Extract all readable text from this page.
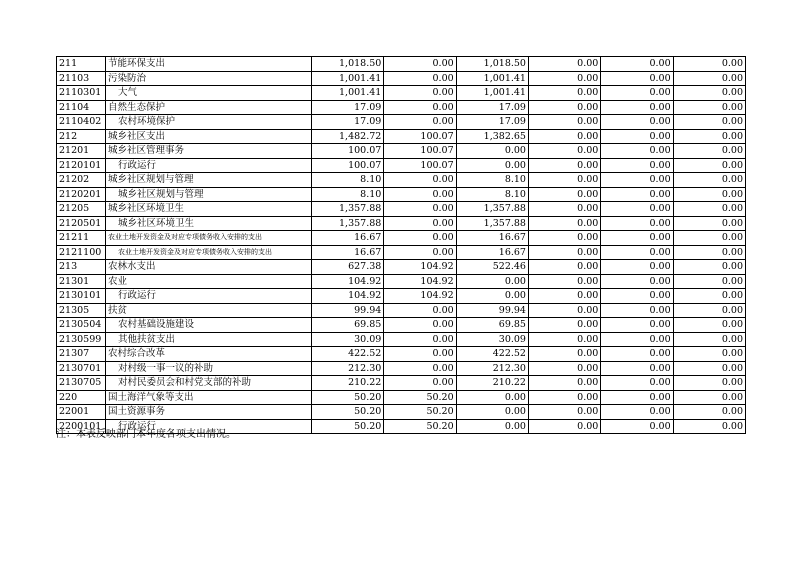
211	节能环保支出	1,018.50	0.00	1,018.50	0.00	0.00	0.00
21103	污染防治	1,001.41	0.00	1,001.41	0.00	0.00	0.00
2110301	大气	1,001.41	0.00	1,001.41	0.00	0.00	0.00
21104	自然生态保护	17.09	0.00	17.09	0.00	0.00	0.00
2110402	农村环境保护	17.09	0.00	17.09	0.00	0.00	0.00
212	城乡社区支出	1,482.72	100.07	1,382.65	0.00	0.00	0.00
21201	城乡社区管理事务	100.07	100.07	0.00	0.00	0.00	0.00
2120101	行政运行	100.07	100.07	0.00	0.00	0.00	0.00
21202	城乡社区规划与管理	8.10	0.00	8.10	0.00	0.00	0.00
2120201	城乡社区规划与管理	8.10	0.00	8.10	0.00	0.00	0.00
21205	城乡社区环境卫生	1,357.88	0.00	1,357.88	0.00	0.00	0.00
2120501	城乡社区环境卫生	1,357.88	0.00	1,357.88	0.00	0.00	0.00
21211	农业土地开发资金及对应专项债务收入安排的支出	16.67	0.00	16.67	0.00	0.00	0.00
2121100	农业土地开发资金及对应专项债务收入安排的支出	16.67	0.00	16.67	0.00	0.00	0.00
213	农林水支出	627.38	104.92	522.46	0.00	0.00	0.00
21301	农业	104.92	104.92	0.00	0.00	0.00	0.00
2130101	行政运行	104.92	104.92	0.00	0.00	0.00	0.00
21305	扶贫	99.94	0.00	99.94	0.00	0.00	0.00
2130504	农村基础设施建设	69.85	0.00	69.85	0.00	0.00	0.00
2130599	其他扶贫支出	30.09	0.00	30.09	0.00	0.00	0.00
21307	农村综合改革	422.52	0.00	422.52	0.00	0.00	0.00
2130701	对村级一事一议的补助	212.30	0.00	212.30	0.00	0.00	0.00
2130705	对村民委员会和村党支部的补助	210.22	0.00	210.22	0.00	0.00	0.00
220	国土海洋气象等支出	50.20	50.20	0.00	0.00	0.00	0.00
22001	国土资源事务	50.20	50.20	0.00	0.00	0.00	0.00
2200101	行政运行	50.20	50.20	0.00	0.00	0.00	0.00
注：本表反映部门本年度各项支出情况。
